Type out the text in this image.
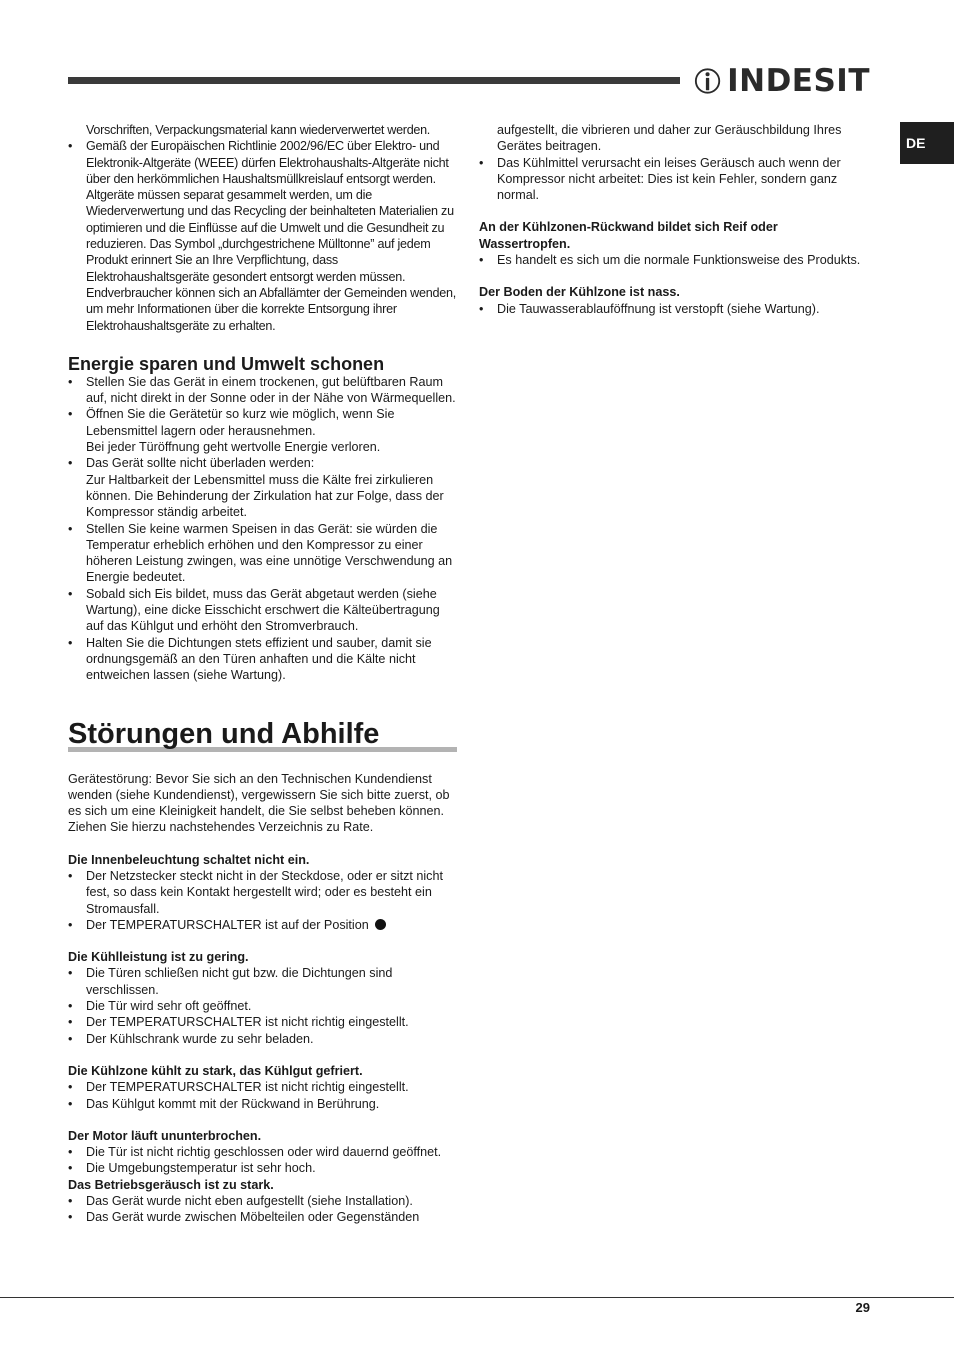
INDESIT
DE

Vorschriften, Verpackungsmaterial kann wiederverwertet werden.

• Gemäß der Europäischen Richtlinie 2002/96/EC über Elektro- und Elektronik-Altgeräte (WEEE) dürfen Elektrohaushalts-Altgeräte nicht über den herkömmlichen Haushaltsmüllkreislauf entsorgt werden. Altgeräte müssen separat gesammelt werden, um die Wiederverwertung und das Recycling der beinhalteten Materialien zu optimieren und die Einflüsse auf die Umwelt und die Gesundheit zu reduzieren. Das Symbol „durchgestrichene Mülltonne” auf jedem Produkt erinnert Sie an Ihre Verpflichtung, dass Elektrohaushaltsgeräte gesondert entsorgt werden müssen. Endverbraucher können sich an Abfallämter der Gemeinden wenden, um mehr Informationen über die korrekte Entsorgung ihrer Elektrohaushaltsgeräte zu erhalten.
Energie sparen und Umwelt schonen
• Stellen Sie das Gerät in einem trockenen, gut belüftbaren Raum auf, nicht direkt in der Sonne oder in der Nähe von Wärmequellen.
• Öffnen Sie die Gerätetür so kurz wie möglich, wenn Sie Lebensmittel lagern oder herausnehmen.
Bei jeder Türöffnung geht wertvolle Energie verloren.
• Das Gerät sollte nicht überladen werden:
Zur Haltbarkeit der Lebensmittel muss die Kälte frei zirkulieren können. Die Behinderung der Zirkulation hat zur Folge, dass der Kompressor ständig arbeitet.
• Stellen Sie keine warmen Speisen in das Gerät: sie würden die Temperatur erheblich erhöhen und den Kompressor zu einer höheren Leistung zwingen, was eine unnötige Verschwendung an Energie bedeutet.
• Sobald sich Eis bildet, muss das Gerät abgetaut werden (siehe Wartung), eine dicke Eisschicht erschwert die Kälteübertragung auf das Kühlgut und erhöht den Stromverbrauch.
• Halten Sie die Dichtungen stets effizient und sauber, damit sie ordnungsgemäß an den Türen anhaften und die Kälte nicht entweichen lassen (siehe Wartung).
Störungen und Abhilfe

Gerätestörung: Bevor Sie sich an den Technischen Kundendienst wenden (siehe Kundendienst), vergewissern Sie sich bitte zuerst, ob es sich um eine Kleinigkeit handelt, die Sie selbst beheben können. Ziehen Sie hierzu nachstehendes Verzeichnis zu Rate.

Die Innenbeleuchtung schaltet nicht ein.
• Der Netzstecker steckt nicht in der Steckdose, oder er sitzt nicht fest, so dass kein Kontakt hergestellt wird; oder es besteht ein Stromausfall.
• Der TEMPERATURSCHALTER ist auf der Position
Die Kühlleistung ist zu gering.
• Die Türen schließen nicht gut bzw. die Dichtungen sind verschlissen.
• Die Tür wird sehr oft geöffnet.
• Der TEMPERATURSCHALTER ist nicht richtig eingestellt.
• Der Kühlschrank wurde zu sehr beladen.
Die Kühlzone kühlt zu stark, das Kühlgut gefriert.
• Der TEMPERATURSCHALTER ist nicht richtig eingestellt.
• Das Kühlgut kommt mit der Rückwand in Berührung.
Der Motor läuft ununterbrochen.
• Die Tür ist nicht richtig geschlossen oder wird dauernd geöffnet.
• Die Umgebungstemperatur ist sehr hoch.
Das Betriebsgeräusch ist zu stark.
• Das Gerät wurde nicht eben aufgestellt (siehe Installation).
• Das Gerät wurde zwischen Möbelteilen oder Gegenständen

aufgestellt, die vibrieren und daher zur Geräuschbildung Ihres Gerätes beitragen.

• Das Kühlmittel verursacht ein leises Geräusch auch wenn der Kompressor nicht arbeitet: Dies ist kein Fehler, sondern ganz normal.
An der Kühlzonen-Rückwand bildet sich Reif oder Wassertropfen.
• Es handelt es sich um die normale Funktionsweise des Produkts.
Der Boden der Kühlzone ist nass.
• Die Tauwasserablauföffnung ist verstopft (siehe Wartung).
29
